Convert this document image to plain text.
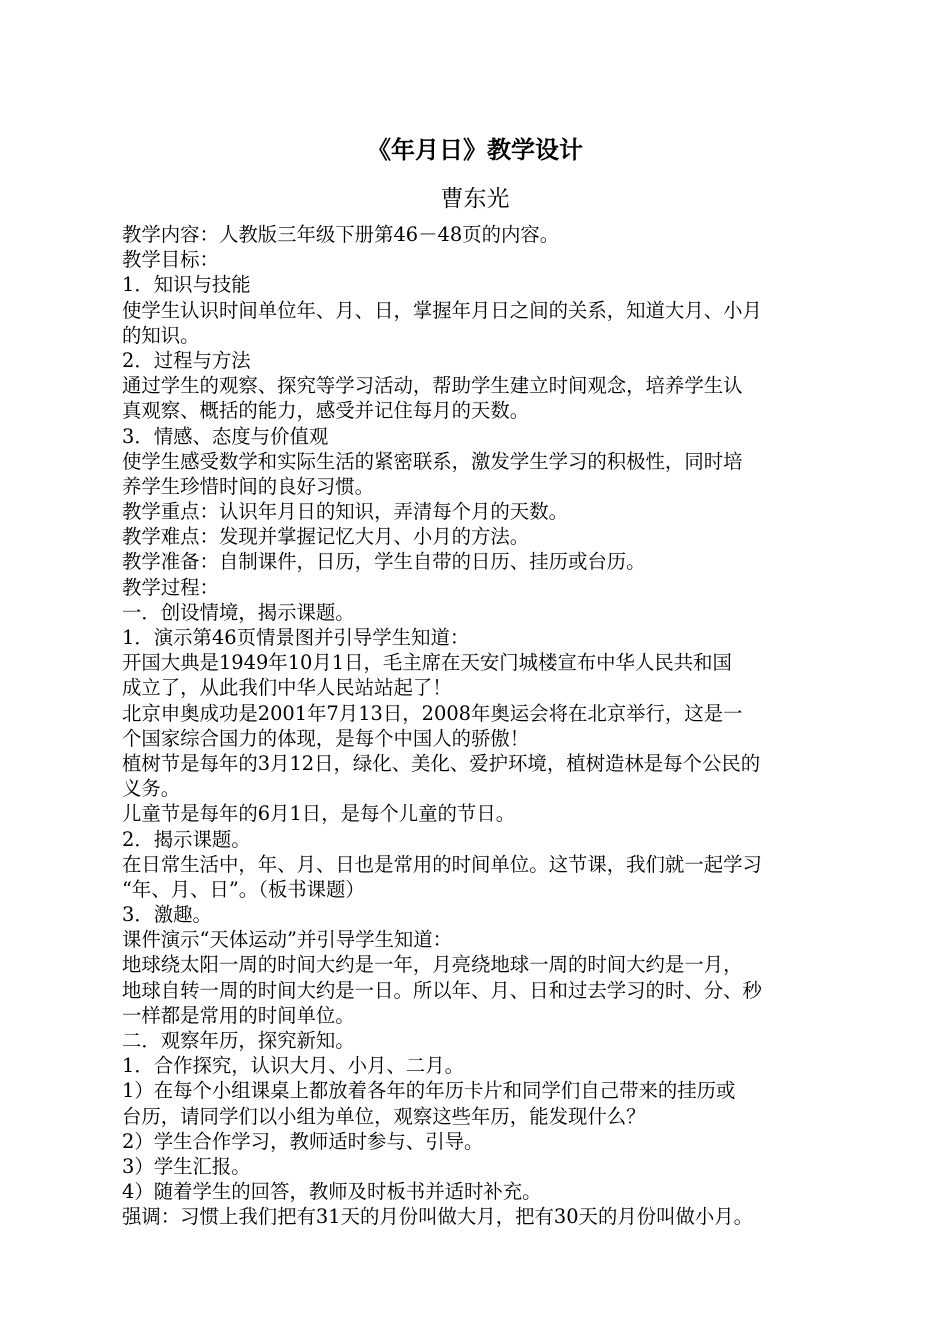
《年月日》教学设计
曹东光
教学内容：人教版三年级下册第46－48页的内容。
教学目标：
1．知识与技能
使学生认识时间单位年、月、日，掌握年月日之间的关系，知道大月、小月
的知识。
2．过程与方法
通过学生的观察、探究等学习活动，帮助学生建立时间观念，培养学生认
真观察、概括的能力，感受并记住每月的天数。
3．情感、态度与价值观
使学生感受数学和实际生活的紧密联系，激发学生学习的积极性，同时培
养学生珍惜时间的良好习惯。
教学重点：认识年月日的知识，弄清每个月的天数。
教学难点：发现并掌握记忆大月、小月的方法。
教学准备：自制课件，日历，学生自带的日历、挂历或台历。
教学过程：
一．创设情境，揭示课题。
1．演示第46页情景图并引导学生知道：
开国大典是1949年10月1日，毛主席在天安门城楼宣布中华人民共和国
成立了，从此我们中华人民站站起了！
北京申奥成功是2001年7月13日，2008年奥运会将在北京举行，这是一
个国家综合国力的体现，是每个中国人的骄傲！
植树节是每年的3月12日，绿化、美化、爱护环境，植树造林是每个公民的
义务。
儿童节是每年的6月1日，是每个儿童的节日。
2．揭示课题。
在日常生活中，年、月、日也是常用的时间单位。这节课，我们就一起学习
“年、月、日”。（板书课题）
3．激趣。
课件演示“天体运动”并引导学生知道：
地球绕太阳一周的时间大约是一年，月亮绕地球一周的时间大约是一月，
地球自转一周的时间大约是一日。所以年、月、日和过去学习的时、分、秒
一样都是常用的时间单位。
二．观察年历，探究新知。
1．合作探究，认识大月、小月、二月。
1）在每个小组课桌上都放着各年的年历卡片和同学们自己带来的挂历或
台历，请同学们以小组为单位，观察这些年历，能发现什么？
2）学生合作学习，教师适时参与、引导。
3）学生汇报。
4）随着学生的回答，教师及时板书并适时补充。
强调：习惯上我们把有31天的月份叫做大月，把有30天的月份叫做小月。
